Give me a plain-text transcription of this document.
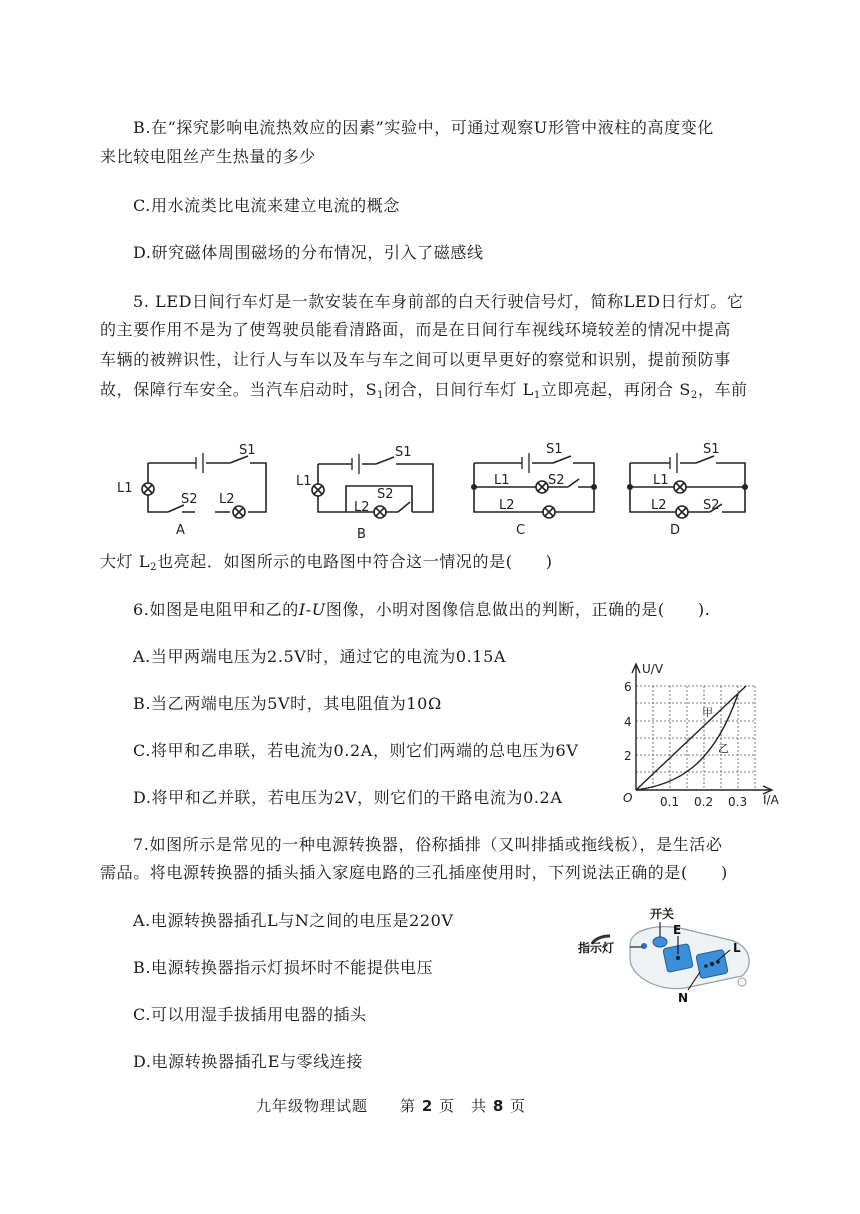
B.在“探究影响电流热效应的因素”实验中，可通过观察U形管中液柱的高度变化
来比较电阻丝产生热量的多少
C.用水流类比电流来建立电流的概念
D.研究磁体周围磁场的分布情况，引入了磁感线
5. LED日间行车灯是一款安装在车身前部的白天行驶信号灯，简称LED日行灯。它
的主要作用不是为了使驾驶员能看清路面，而是在日间行车视线环境较差的情况中提高
车辆的被辨识性，让行人与车以及车与车之间可以更早更好的察觉和识别，提前预防事
故，保障行车安全。当汽车启动时，$S_1$闭合，日间行车灯 $L_1$立即亮起，再闭合 $S_2$，车前
S1
L1
S2 L2
A
S1
L1
S2
L2
B
S1
L1	S2
L2
C
S1
L1
L2	S2
D
大灯 $L_2$也亮起．如图所示的电路图中符合这一情况的是(　　)
6.如图是电阻甲和乙的I-U图像，小明对图像信息做出的判断，正确的是(　　).
A.当甲两端电压为2.5V时，通过它的电流为0.15A
B.当乙两端电压为5V时，其电阻值为10Ω
C.将甲和乙串联，若电流为0.2A，则它们两端的总电压为6V
D.将甲和乙并联，若电压为2V，则它们的干路电流为0.2A
U/V
I/A
O
2
4
6
0.1 0.2 0.3
甲
乙
7.如图所示是常见的一种电源转换器，俗称插排（又叫排插或拖线板），是生活必
需品。将电源转换器的插头插入家庭电路的三孔插座使用时，下列说法正确的是(　　)
A.电源转换器插孔L与N之间的电压是220V
B.电源转换器指示灯损坏时不能提供电压
C.可以用湿手拔插用电器的插头
D.电源转换器插孔E与零线连接
开关
指示灯
E
L
N
九年级物理试题　　 第 2 页　共 8 页
